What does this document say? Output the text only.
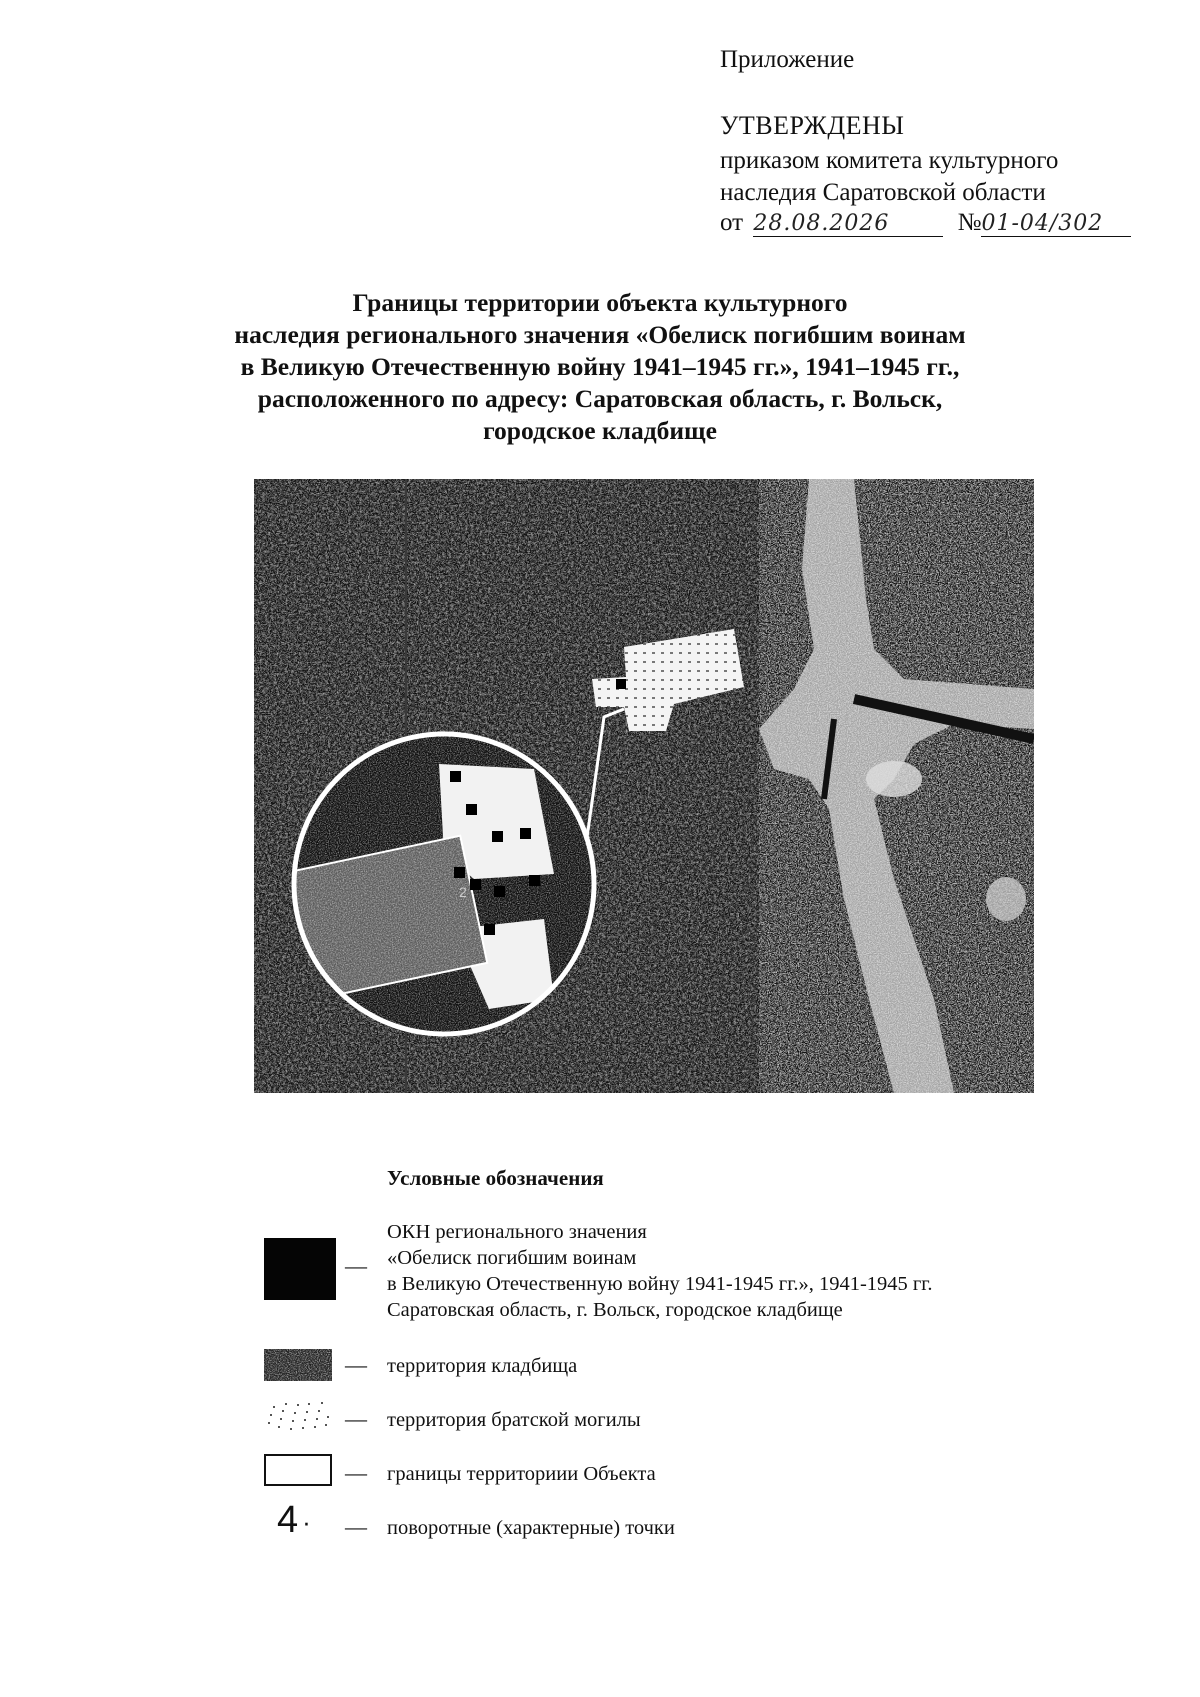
Приложение
УТВЕРЖДЕНЫ
приказом комитета культурного
наследия Саратовской области
от 28.08.2026	№01-04/302
Границы территории объекта культурного
наследия регионального значения «Обелиск погибшим воинам
в Великую Отечественную войну 1941–1945 гг.», 1941–1945 гг.,
расположенного по адресу: Саратовская область, г. Вольск,
городское кладбище
2
Условные обозначения
—
ОКН регионального значения
«Обелиск погибшим воинам
в Великую Отечественную войну 1941-1945 гг.», 1941-1945 гг.
Саратовская область, г. Вольск, городское кладбище
— территория кладбища
— территория братской могилы
— границы территориии Объекта
4 · — поворотные (характерные) точки
